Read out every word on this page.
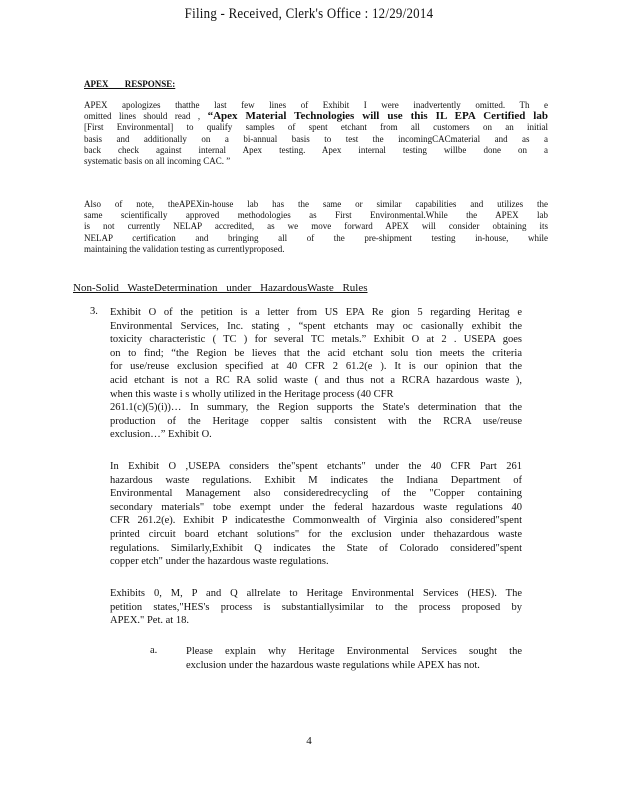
Filing - Received, Clerk's Office : 12/29/2014
APEX RESPONSE:
APEX apologizes thatthe last few lines of Exhibit I were inadvertently omitted. Th e
omitted lines should read , “Apex Material Technologies will use this IL EPA Certified lab
[First Environmental] to qualify samples of spent etchant from all customers on an initial
basis and additionally on a bi-annual basis to test the incomingCACmaterial and as a
back check against internal Apex testing. Apex internal testing willbe done on a
systematic basis on all incoming CAC. ”
Also of note, theAPEXin-house lab has the same or similar capabilities and utilizes the
same scientifically approved methodologies as First Environmental.While the APEX lab
is not currently NELAP accredited, as we move forward APEX will consider obtaining its
NELAP certification and bringing all of the pre-shipment testing in-house, while
maintaining the validation testing as currentlyproposed.
Non-Solid WasteDetermination under HazardousWaste Rules
3. Exhibit O of the petition is a letter from US EPA Re gion 5 regarding Heritag e
Environmental Services, Inc. stating , “spent etchants may oc casionally exhibit the
toxicity characteristic ( TC ) for several TC metals.” Exhibit O at 2 . USEPA goes
on to find; “the Region be lieves that the acid etchant solu tion meets the criteria
for use/reuse exclusion specified at 40 CFR 2 61.2(e ). It is our opinion that the
acid etchant is not a RC RA solid waste ( and thus not a RCRA hazardous waste ),
when this waste i s wholly utilized in the Heritage process (40 CFR
261.1(c)(5)(i))… In summary, the Region supports the State's determination that the
production of the Heritage copper saltis consistent with the RCRA use/reuse
exclusion…” Exhibit O.
In Exhibit O ,USEPA considers the"spent etchants" under the 40 CFR Part 261
hazardous waste regulations. Exhibit M indicates the Indiana Department of
Environmental Management also consideredrecycling of the "Copper containing
secondary materials" tobe exempt under the federal hazardous waste regulations 40
CFR 261.2(e). Exhibit P indicatesthe Commonwealth of Virginia also considered"spent
printed circuit board etchant solutions" for the exclusion under thehazardous waste
regulations. Similarly,Exhibit Q indicates the State of Colorado considered"spent
copper etch" under the hazardous waste regulations.
Exhibits 0, M, P and Q allrelate to Heritage Environmental Services (HES). The
petition states,"HES's process is substantiallysimilar to the process proposed by
APEX." Pet. at 18.
a.	Please explain why Heritage Environmental Services sought the
exclusion under the hazardous waste regulations while APEX has not.
4
